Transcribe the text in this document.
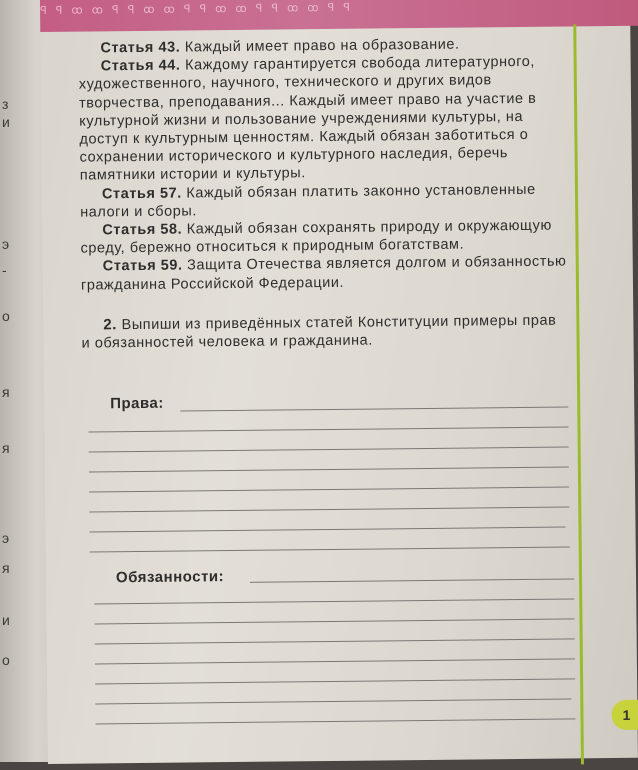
з
и
э
-
о
я
я
э
я
и
о
ꟼ ꟼ ꝏ ꝏ ꟼ ꟼ ꝏ ꝏ ꟼ ꟼ ꝏ ꝏ ꟼ ꟼ ꝏ ꝏ ꟼ ꟼ

Статья 43. Каждый имеет право на образование.

Статья 44. Каждому гарантируется свобода литературного, художественного, научного, технического и других видов творчества, преподавания... Каждый имеет право на участие в культурной жизни и пользование учреждениями культуры, на доступ к культурным ценностям. Каждый обязан заботиться о сохранении исторического и культурного наследия, беречь памятники истории и культуры.

Статья 57. Каждый обязан платить законно установленные налоги и сборы.

Статья 58. Каждый обязан сохранять природу и окружающую среду, бережно относиться к природным богатствам.

Статья 59. Защита Отечества является долгом и обязанностью гражданина Российской Федерации.

2. Выпиши из приведённых статей Конституции примеры прав и обязанностей человека и гражданина.

Права:
Обязанности:
1
